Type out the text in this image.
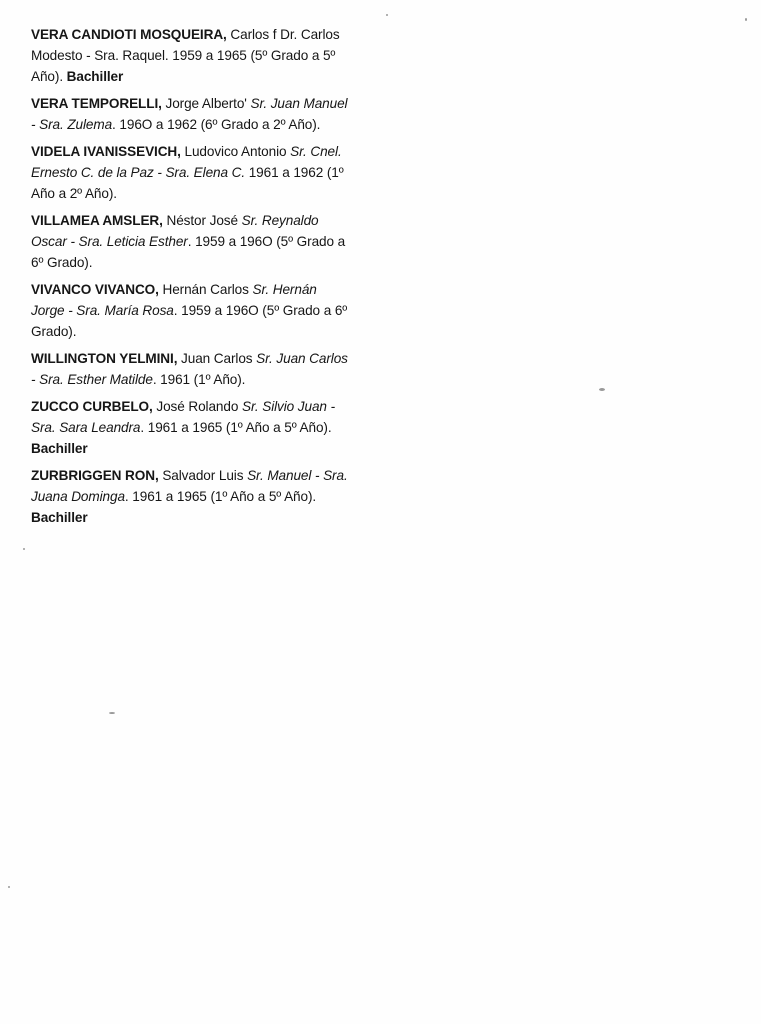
VERA CANDIOTI MOSQUEIRA, Carlos f Dr. Carlos Modesto - Sra. Raquel. 1959 a 1965 (5º Grado a 5º Año). Bachiller

VERA TEMPORELLI, Jorge Alberto' Sr. Juan Manuel - Sra. Zulema. 196O a 1962 (6º Grado a 2º Año).

VIDELA IVANISSEVICH, Ludovico Antonio Sr. Cnel. Ernesto C. de la Paz - Sra. Elena C. 1961 a 1962 (1º Año a 2º Año).

VILLAMEA AMSLER, Néstor José Sr. Reynaldo Oscar - Sra. Leticia Esther. 1959 a 196O (5º Grado a 6º Grado).

VIVANCO VIVANCO, Hernán Carlos Sr. Hernán Jorge - Sra. María Rosa. 1959 a 196O (5º Grado a 6º Grado).

WILLINGTON YELMINI, Juan Carlos Sr. Juan Carlos - Sra. Esther Matilde. 1961 (1º Año).

ZUCCO CURBELO, José Rolando Sr. Silvio Juan - Sra. Sara Leandra. 1961 a 1965 (1º Año a 5º Año). Bachiller

ZURBRIGGEN RON, Salvador Luis Sr. Manuel - Sra. Juana Dominga. 1961 a 1965 (1º Año a 5º Año). Bachiller
